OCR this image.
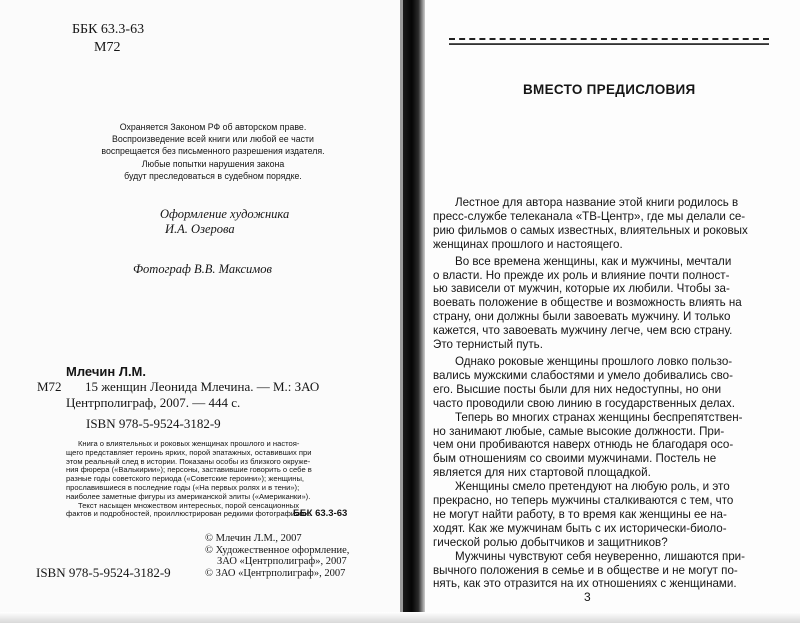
ББК 63.3-63
М72
Охраняется Законом РФ об авторском праве.
Воспроизведение всей книги или любой ее части
воспрещается без письменного разрешения издателя.
Любые попытки нарушения закона
будут преследоваться в судебном порядке.
Оформление художника
И.А. Озерова
Фотограф В.В. Максимов
Млечин Л.М.
М72 15 женщин Леонида Млечина. — М.: ЗАО
Центрполиграф, 2007. — 444 с.
ISBN 978-5-9524-3182-9
Книга о влиятельных и роковых женщинах прошлого и настоя-
щего представляет героинь ярких, порой эпатажных, оставивших при
этом реальный след в истории. Показаны особы из близкого окруже-
ния фюрера («Валькирии»); персоны, заставившие говорить о себе в
разные годы советского периода («Советские героини»); женщины,
прославившиеся в последние годы («На первых ролях и в тени»);
наиболее заметные фигуры из американской элиты («Американки»).
Текст насыщен множеством интересных, порой сенсационных
фактов и подробностей, проиллюстрирован редкими фотографиями.
ББК 63.3-63
© Млечин Л.М., 2007
© Художественное оформление,
ЗАО «Центрполиграф», 2007
© ЗАО «Центрполиграф», 2007
ISBN 978-5-9524-3182-9
ВМЕСТО ПРЕДИСЛОВИЯ
Лестное для автора название этой книги родилось в
пресс-службе телеканала «ТВ-Центр», где мы делали се-
рию фильмов о самых известных, влиятельных и роковых
женщинах прошлого и настоящего.
Во все времена женщины, как и мужчины, мечтали
о власти. Но прежде их роль и влияние почти полност-
ью зависели от мужчин, которые их любили. Чтобы за-
воевать положение в обществе и возможность влиять на
страну, они должны были завоевать мужчину. И только
кажется, что завоевать мужчину легче, чем всю страну.
Это тернистый путь.
Однако роковые женщины прошлого ловко пользо-
вались мужскими слабостями и умело добивались сво-
его. Высшие посты были для них недоступны, но они
часто проводили свою линию в государственных делах.
Теперь во многих странах женщины беспрепятствен-
но занимают любые, самые высокие должности. При-
чем они пробиваются наверх отнюдь не благодаря осо-
бым отношениям со своими мужчинами. Постель не
является для них стартовой площадкой.
Женщины смело претендуют на любую роль, и это
прекрасно, но теперь мужчины сталкиваются с тем, что
не могут найти работу, в то время как женщины ее на-
ходят. Как же мужчинам быть с их исторически-биоло-
гической ролью добытчиков и защитников?
Мужчины чувствуют себя неуверенно, лишаются при-
вычного положения в семье и в обществе и не могут по-
нять, как это отразится на их отношениях с женщинами.
3
